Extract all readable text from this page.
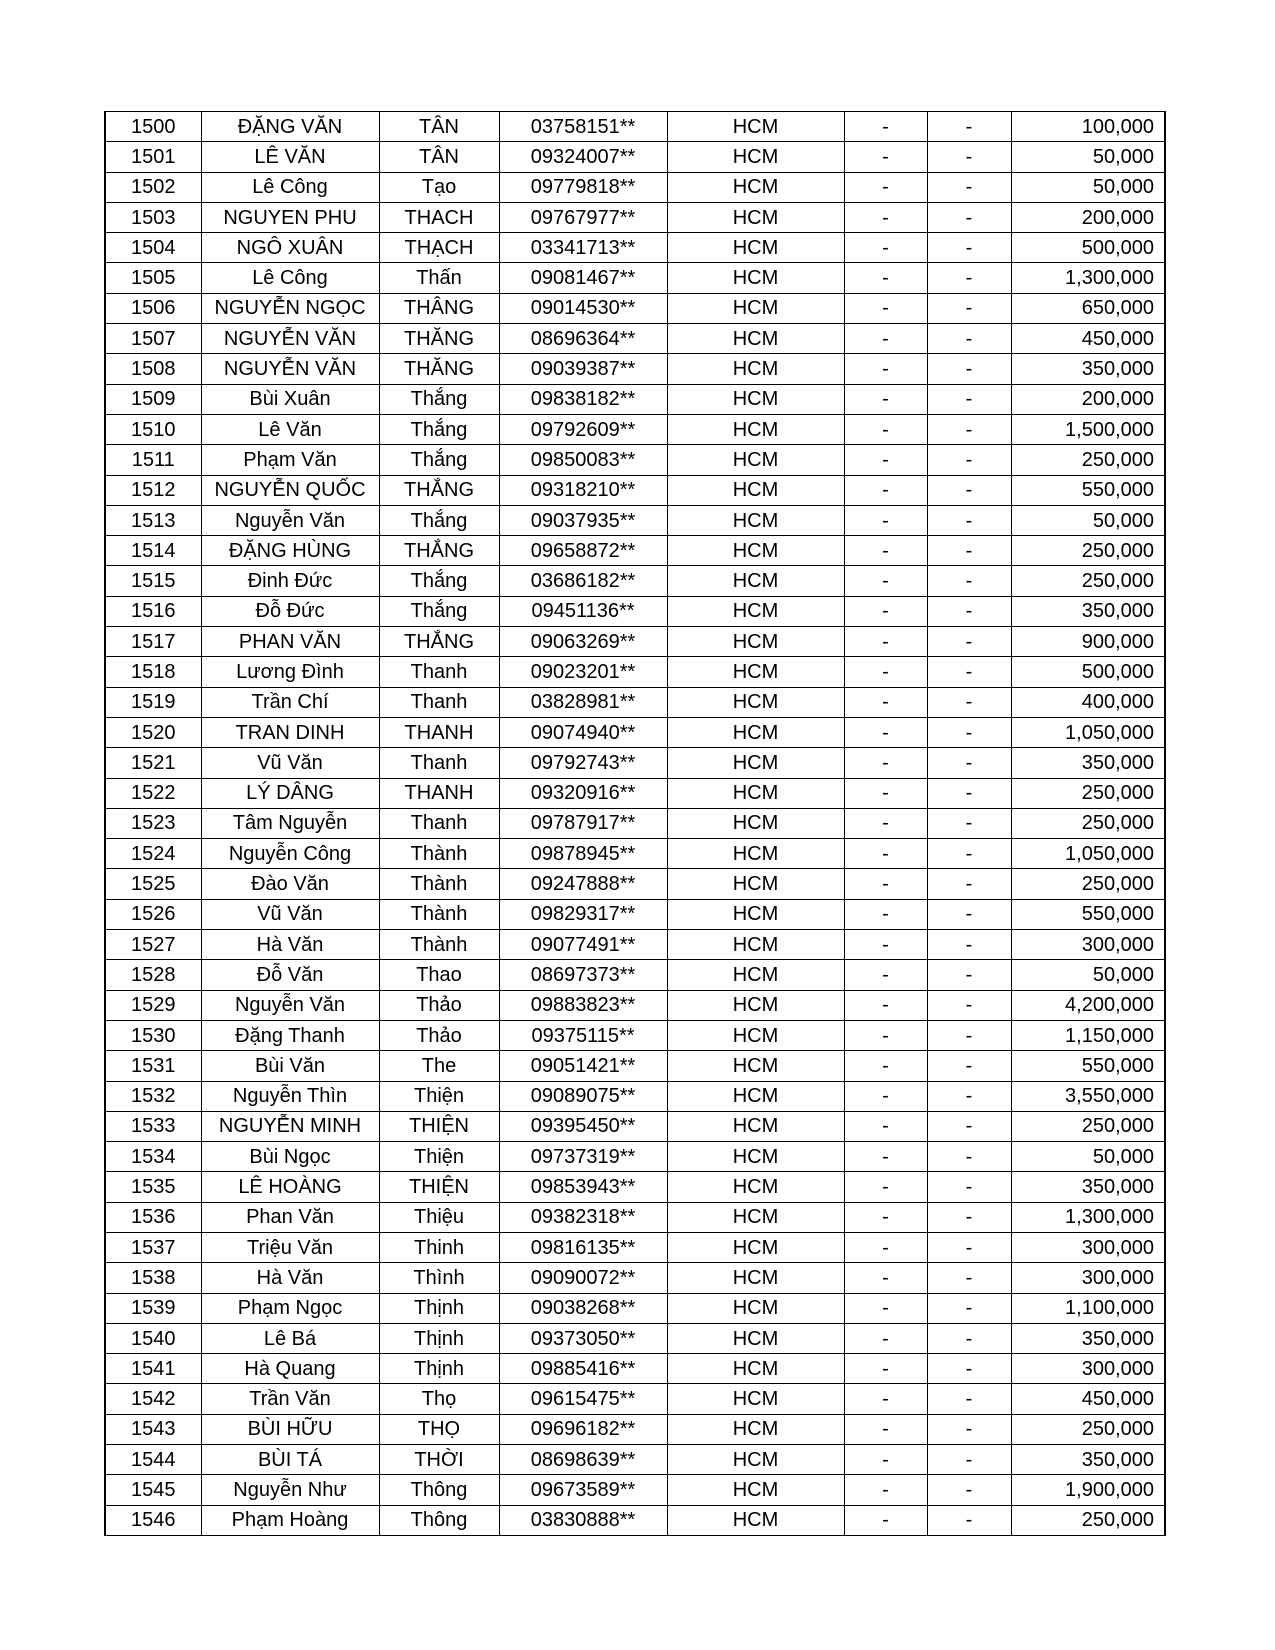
1500	ĐẶNG VĂN	TÂN	03758151**	HCM	-	-	100,000
1501	LÊ VĂN	TÂN	09324007**	HCM	-	-	50,000
1502	Lê Công	Tạo	09779818**	HCM	-	-	50,000
1503	NGUYEN PHU	THACH	09767977**	HCM	-	-	200,000
1504	NGÔ XUÂN	THẠCH	03341713**	HCM	-	-	500,000
1505	Lê Công	Thấn	09081467**	HCM	-	-	1,300,000
1506	NGUYỄN NGỌC	THÂNG	09014530**	HCM	-	-	650,000
1507	NGUYỄN VĂN	THĂNG	08696364**	HCM	-	-	450,000
1508	NGUYỄN VĂN	THĂNG	09039387**	HCM	-	-	350,000
1509	Bùi Xuân	Thắng	09838182**	HCM	-	-	200,000
1510	Lê Văn	Thắng	09792609**	HCM	-	-	1,500,000
1511	Phạm Văn	Thắng	09850083**	HCM	-	-	250,000
1512	NGUYỄN QUỐC	THẮNG	09318210**	HCM	-	-	550,000
1513	Nguyễn Văn	Thắng	09037935**	HCM	-	-	50,000
1514	ĐẶNG HÙNG	THẮNG	09658872**	HCM	-	-	250,000
1515	Đinh Đức	Thắng	03686182**	HCM	-	-	250,000
1516	Đỗ Đức	Thắng	09451136**	HCM	-	-	350,000
1517	PHAN VĂN	THẮNG	09063269**	HCM	-	-	900,000
1518	Lương Đình	Thanh	09023201**	HCM	-	-	500,000
1519	Trần Chí	Thanh	03828981**	HCM	-	-	400,000
1520	TRAN DINH	THANH	09074940**	HCM	-	-	1,050,000
1521	Vũ Văn	Thanh	09792743**	HCM	-	-	350,000
1522	LÝ DÂNG	THANH	09320916**	HCM	-	-	250,000
1523	Tâm Nguyễn	Thanh	09787917**	HCM	-	-	250,000
1524	Nguyễn Công	Thành	09878945**	HCM	-	-	1,050,000
1525	Đào Văn	Thành	09247888**	HCM	-	-	250,000
1526	Vũ Văn	Thành	09829317**	HCM	-	-	550,000
1527	Hà Văn	Thành	09077491**	HCM	-	-	300,000
1528	Đỗ Văn	Thao	08697373**	HCM	-	-	50,000
1529	Nguyễn Văn	Thảo	09883823**	HCM	-	-	4,200,000
1530	Đặng Thanh	Thảo	09375115**	HCM	-	-	1,150,000
1531	Bùi Văn	The	09051421**	HCM	-	-	550,000
1532	Nguyễn Thìn	Thiện	09089075**	HCM	-	-	3,550,000
1533	NGUYỄN MINH	THIỆN	09395450**	HCM	-	-	250,000
1534	Bùi Ngọc	Thiện	09737319**	HCM	-	-	50,000
1535	LÊ HOÀNG	THIỆN	09853943**	HCM	-	-	350,000
1536	Phan Văn	Thiệu	09382318**	HCM	-	-	1,300,000
1537	Triệu Văn	Thinh	09816135**	HCM	-	-	300,000
1538	Hà Văn	Thình	09090072**	HCM	-	-	300,000
1539	Phạm Ngọc	Thịnh	09038268**	HCM	-	-	1,100,000
1540	Lê Bá	Thịnh	09373050**	HCM	-	-	350,000
1541	Hà Quang	Thịnh	09885416**	HCM	-	-	300,000
1542	Trần Văn	Thọ	09615475**	HCM	-	-	450,000
1543	BÙI HỮU	THỌ	09696182**	HCM	-	-	250,000
1544	BÙI TÁ	THỜI	08698639**	HCM	-	-	350,000
1545	Nguyễn Như	Thông	09673589**	HCM	-	-	1,900,000
1546	Phạm Hoàng	Thông	03830888**	HCM	-	-	250,000
